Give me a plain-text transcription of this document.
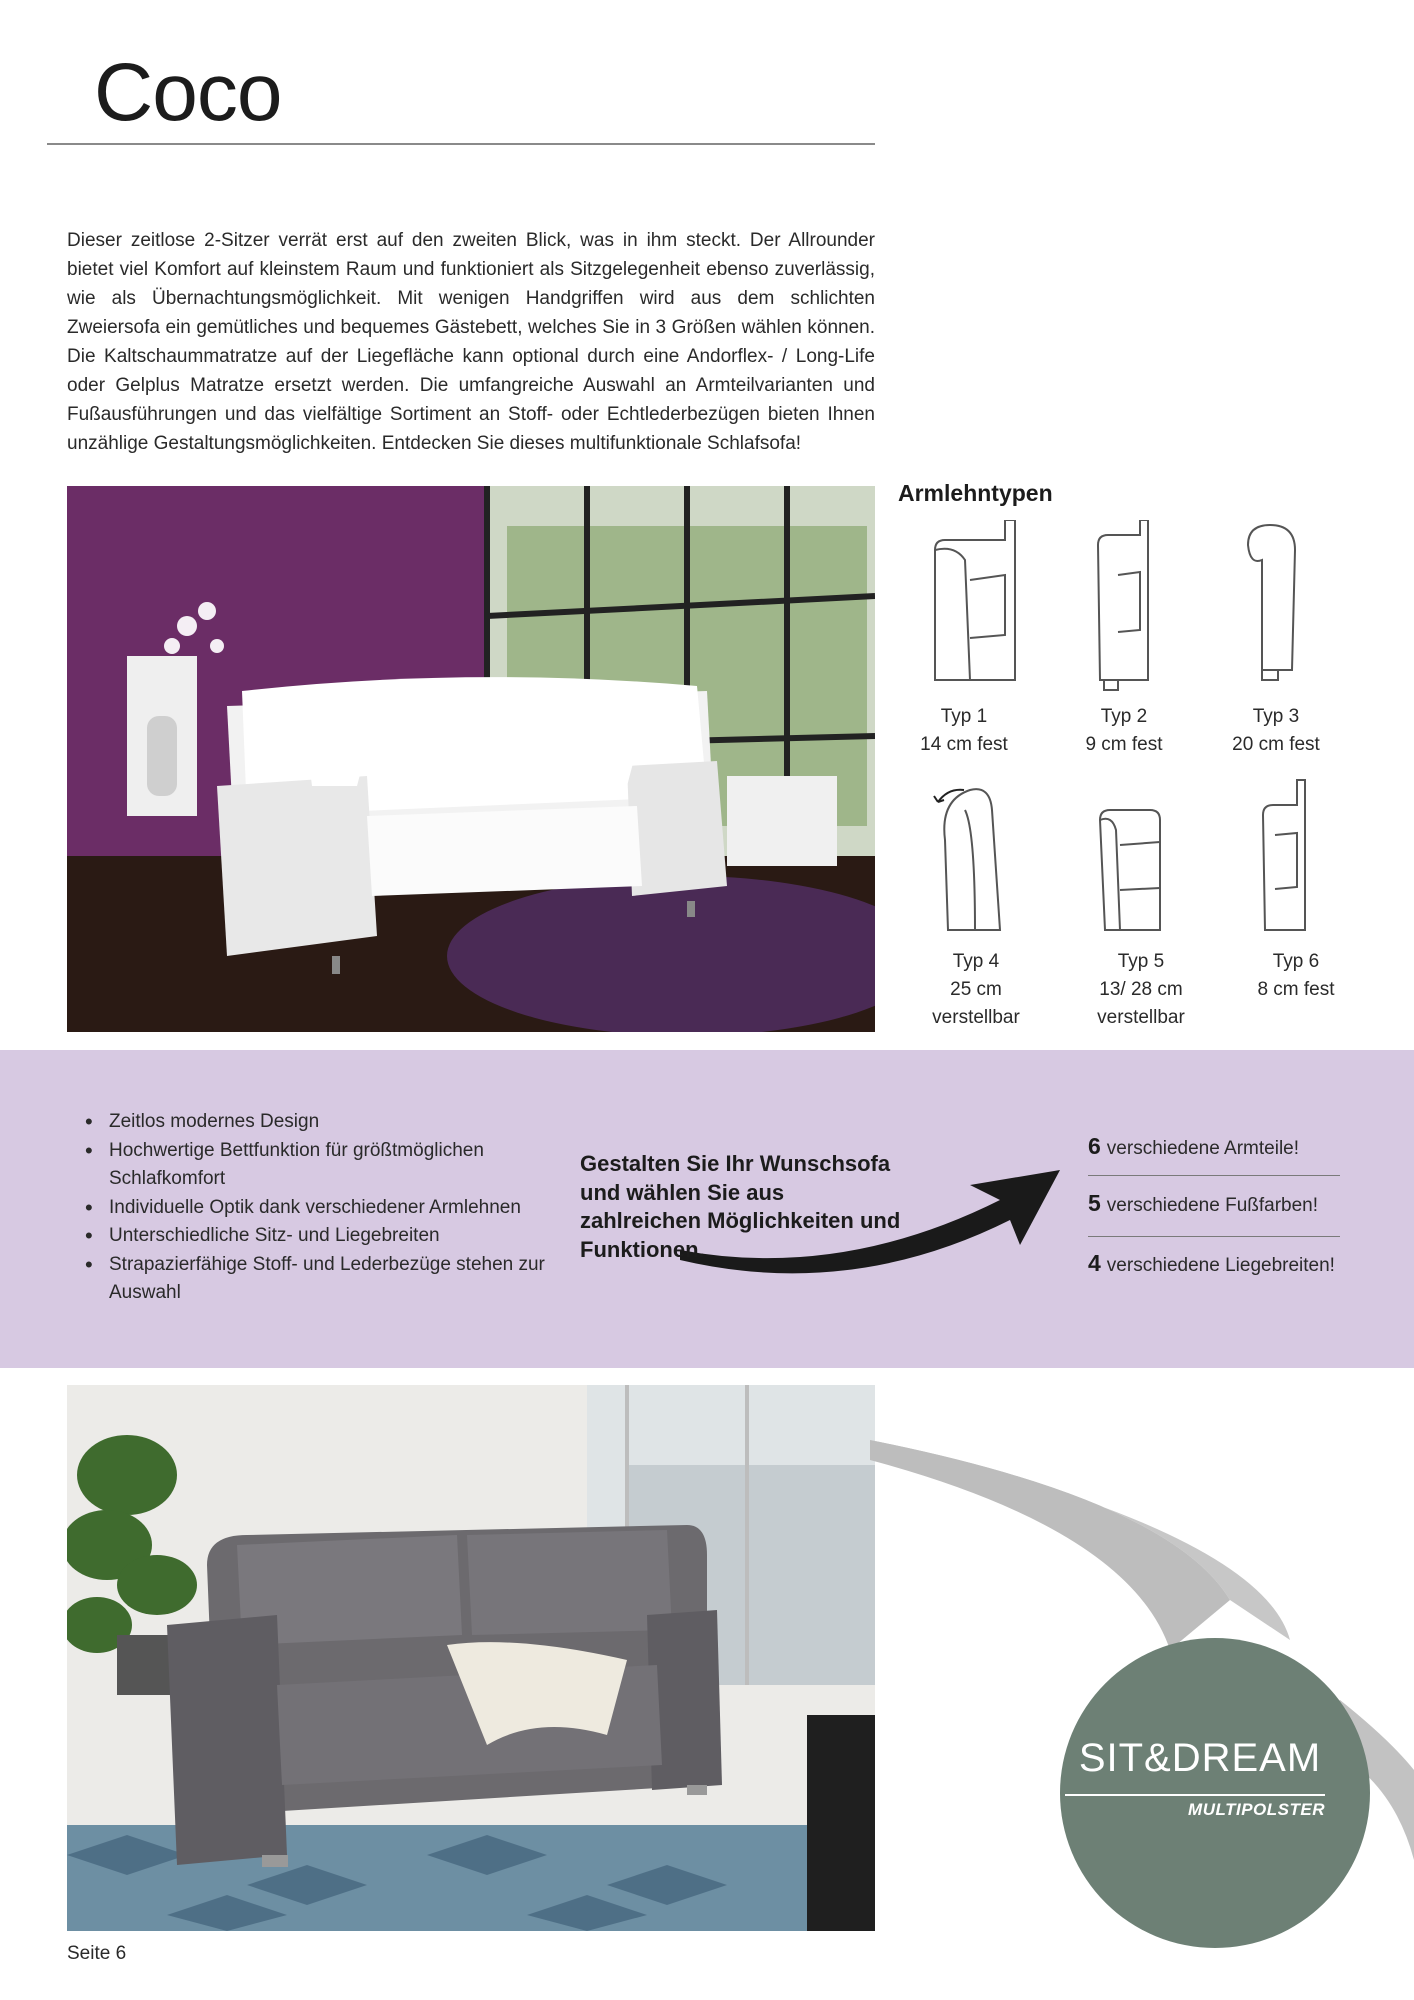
Coco

Dieser zeitlose 2-Sitzer verrät erst auf den zweiten Blick, was in ihm steckt. Der Allrounder bietet viel Komfort auf kleinstem Raum und funktioniert als Sitzgelegenheit ebenso zuverlässig, wie als Übernachtungsmöglichkeit. Mit wenigen Handgriffen wird aus dem schlichten Zweiersofa ein gemütliches und bequemes Gästebett, welches Sie in 3 Größen wählen können. Die Kaltschaummatratze auf der Liegefläche kann optional durch eine Andorflex- / Long-Life oder Gelplus Matratze ersetzt werden. Die umfangreiche Auswahl an Armteilvarianten und Fußausführungen und das vielfältige Sortiment an Stoff- oder Echtlederbezügen bieten Ihnen unzählige Gestaltungsmöglichkeiten. Entdecken Sie dieses multifunktionale Schlafsofa!

Armlehntypen
Typ 1
14 cm fest
Typ 2
9 cm fest
Typ 3
20 cm fest
Typ 4
25 cm
verstellbar
Typ 5
13/ 28 cm
verstellbar
Typ 6
8 cm fest
• Zeitlos modernes Design
• Hochwertige Bettfunktion für größtmöglichen Schlafkomfort
• Individuelle Optik dank verschiedener Armlehnen
• Unterschiedliche Sitz- und Liegebreiten
• Strapazierfähige Stoff- und Lederbezüge stehen zur Auswahl
Gestalten Sie Ihr Wunschsofa und wählen Sie aus zahlreichen Möglichkeiten und Funktionen.
6 verschiedene Armteile!
5 verschiedene Fußfarben!
4 verschiedene Liegebreiten!
SIT&DREAM
MULTIPOLSTER
Seite 6
